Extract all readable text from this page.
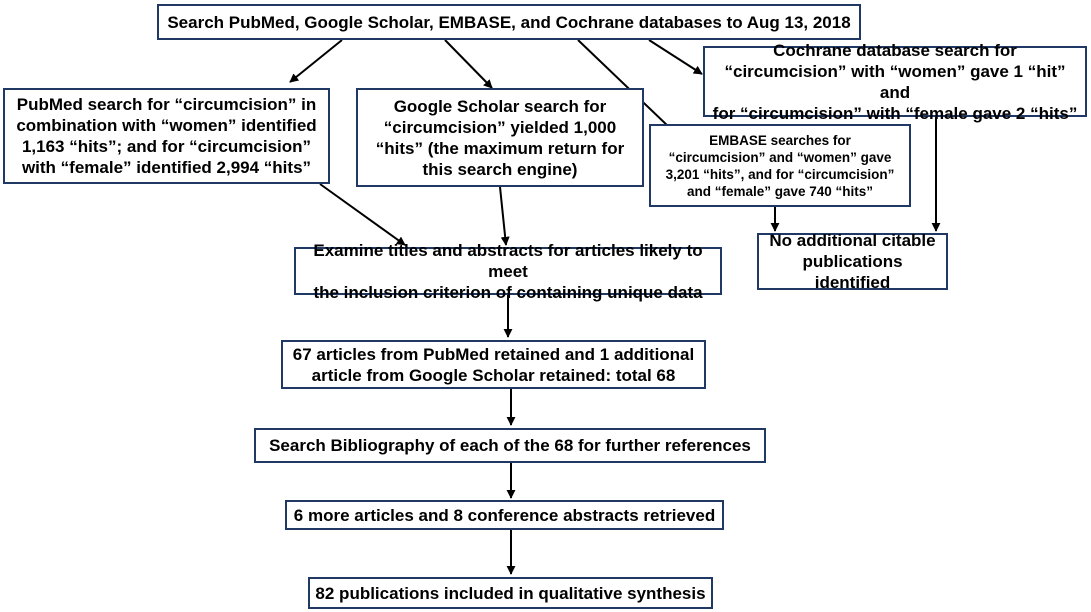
Search PubMed, Google Scholar, EMBASE, and Cochrane databases to Aug 13, 2018
PubMed search for “circumcision” in
combination with “women” identified
1,163 “hits”; and for “circumcision”
with “female” identified 2,994 “hits”
Google Scholar search for
“circumcision” yielded 1,000
“hits” (the maximum return for
this search engine)
Cochrane database search for
“circumcision” with “women” gave 1 “hit” and
for “circumcision” with “female gave 2 “hits”
EMBASE searches for
“circumcision” and “women” gave
3,201 “hits”, and for “circumcision”
and “female” gave 740 “hits”
No additional citable
publications identified
Examine titles and abstracts for articles likely to meet
the inclusion criterion of containing unique data
67 articles from PubMed retained and 1 additional
article from Google Scholar retained: total 68
Search Bibliography of each of the 68 for further references
6 more articles and 8 conference abstracts retrieved
82 publications included in qualitative synthesis
